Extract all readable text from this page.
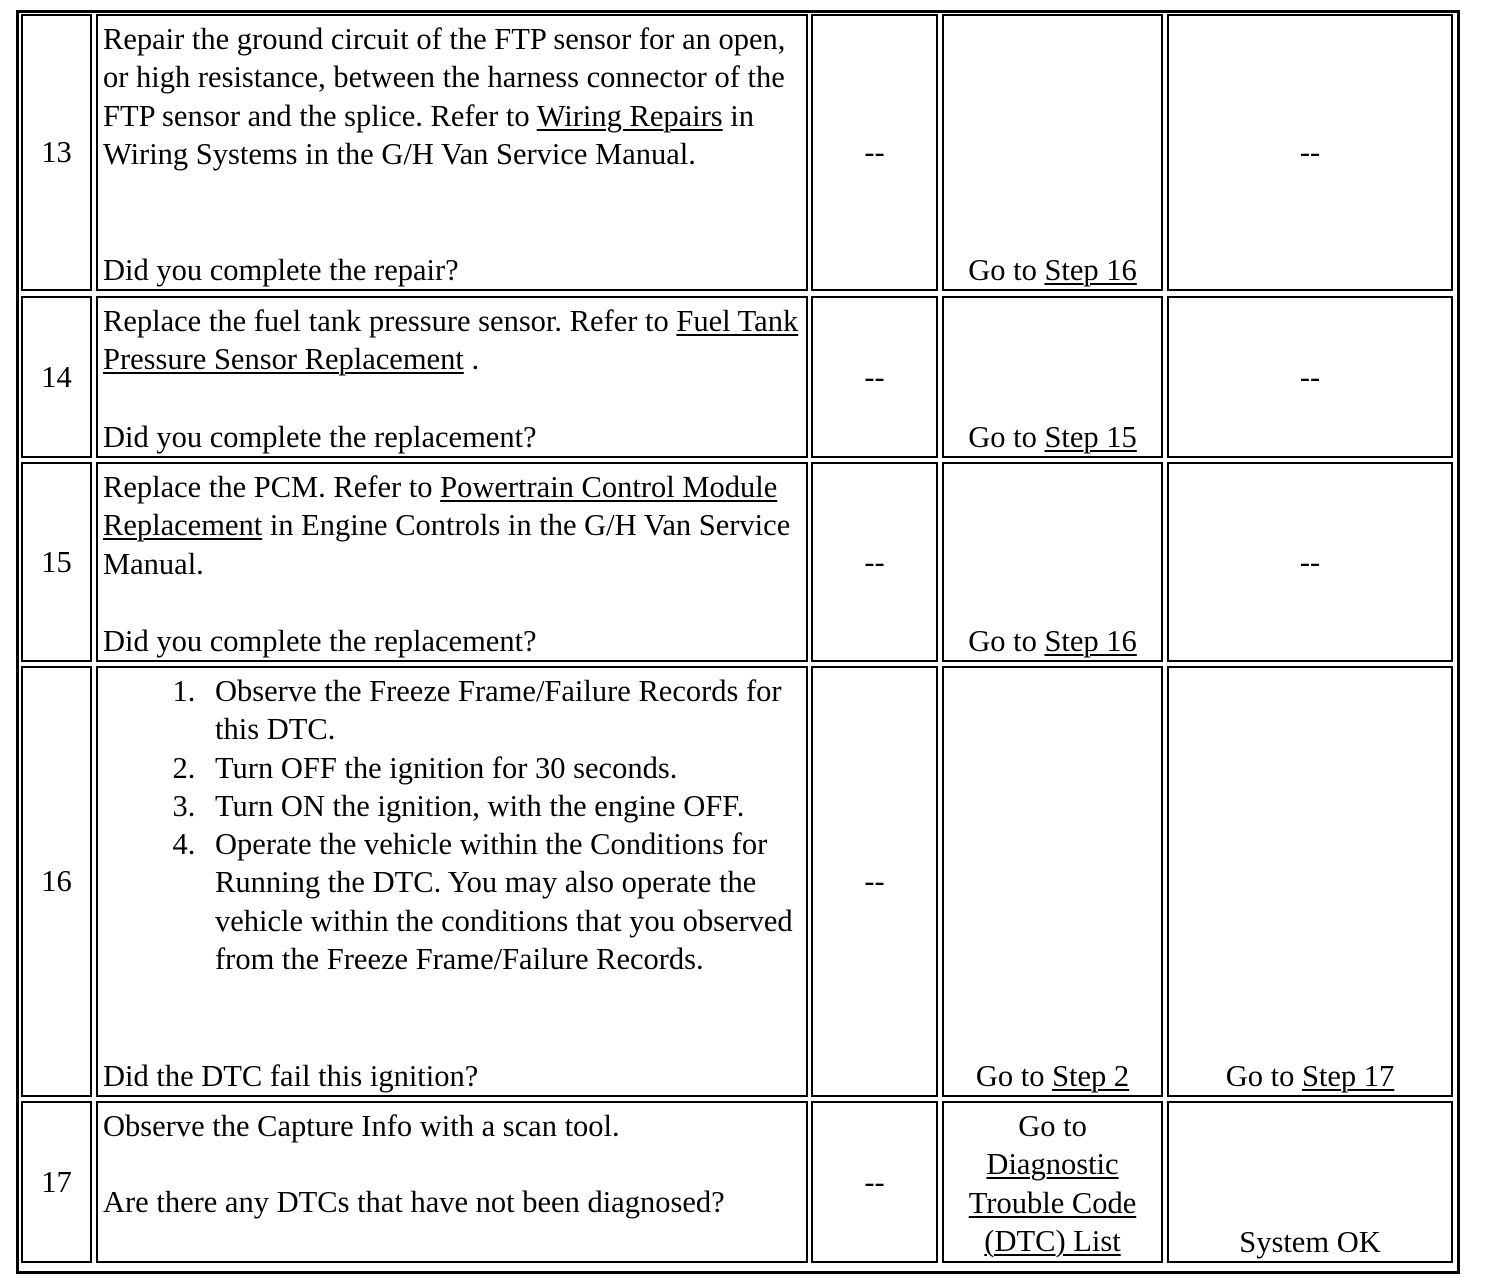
13

Repair the ground circuit of the FTP sensor for an open, or high resistance, between the harness connector of the FTP sensor and the splice. Refer to Wiring Repairs in Wiring Systems in the G/H Van Service Manual.

Did you complete the repair?

--
Go to Step 16
--
14

Replace the fuel tank pressure sensor. Refer to Fuel Tank Pressure Sensor Replacement .

Did you complete the replacement?

--
Go to Step 15
--
15

Replace the PCM. Refer to Powertrain Control Module Replacement in Engine Controls in the G/H Van Service Manual.

Did you complete the replacement?

--
Go to Step 16
--
16
1. Observe the Freeze Frame/Failure Records for this DTC.
2. Turn OFF the ignition for 30 seconds.
3. Turn ON the ignition, with the engine OFF.
4. Operate the vehicle within the Conditions for Running the DTC. You may also operate the vehicle within the conditions that you observed from the Freeze Frame/Failure Records.

Did the DTC fail this ignition?

--
Go to Step 2	Go to Step 17
17

Observe the Capture Info with a scan tool.

Are there any DTCs that have not been diagnosed?

--
Go to
Diagnostic Trouble Code (DTC) List	System OK
